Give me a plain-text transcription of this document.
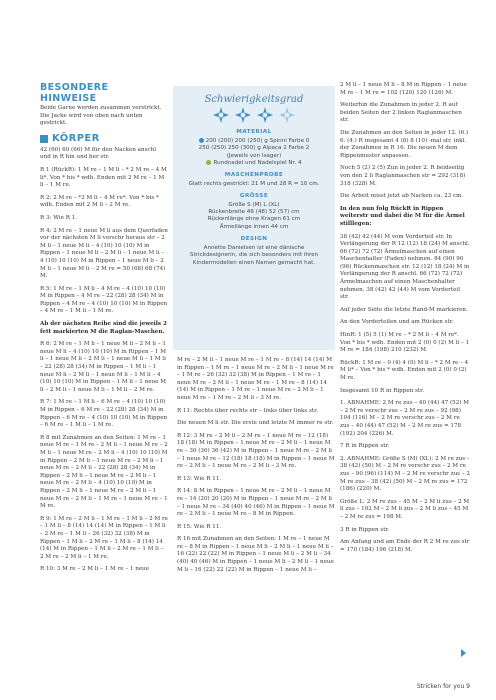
BESONDERE HINWEISE

Beide Garne werden zusammen verstrickt. Die Jacke wird von oben nach unten gestrickt.

KÖRPER

42 (60) 60 (66) M für den Nacken anschl und in R hin und her str.

R 1 (RückR): 1 M re – 1 M li – * 2 M re – 4 M li*. Von * bis * wdh. Enden mit 2 M re – 1 M li – 1 M re.

R 2: 2 M re – *2 M li – 4 M re*. Von * bis * wdh. Enden mit 2 M li – 2 M re.

R 3: Wie R 1.

R 4: 2 M re – 1 neue M li aus dem Querfaden vor der nächsten M li verschr heraus str – 2 M li – 1 neue M li – 4 (10) 10 (10) M in Rippen – 1 neue M li – 2 M li – 1 neue M li – 4 (10) 10 (10) M in Rippen – 1 neue M li – 2 M li – 1 neue M li – 2 M re = 50 (68) 68 (74) M.

R 5: 1 M re – 1 M li – 4 M re – 4 (10) 10 (10) M in Rippen – 4 M re – 22 (28) 28 (34) M in Rippen – 4 M re – 4 (10) 10 (10) M in Rippen – 4 M re – 1 M li – 1 M re.

Ab der nächsten Reihe sind die jeweils 2 fett markierten M die Raglan-Maschen.

R 6: 2 M re – 1 M li – 1 neue M li – 2 M li – 1 neue M li – 4 (10) 10 (10) M in Rippen – 1 M li – 1 neue M li – 2 M li – 1 neue M li – 1 M li – 22 (28) 28 (34) M in Rippen – 1 M li – 1 neue M li – 2 M li – 1 neue M li – 1 M li – 4 (10) 10 (10) M in Rippen – 1 M li – 1 neue M li – 2 M li – 1 neue M li – 1 M li – 2 M re.

R 7: 1 M re – 1 M li – 6 M re – 4 (10) 10 (10) M in Rippen – 6 M re – 22 (28) 28 (34) M in Rippen – 6 M re – 4 (10) 10 (10) M in Rippen – 6 M re – 1 M li – 1 M re.

R 8 mit Zunahmen an den Seiten: 1 M re – 1 neue M re – 1 M re – 2 M li – 1 neue M re – 2 M li – 1 neue M re – 2 M li – 4 (10) 10 (10) M in Rippen – 2 M li – 1 neue M re – 2 M li – 1 neue M re – 2 M li – 22 (28) 28 (34) M in Rippen – 2 M li – 1 neue M re – 2 M li – 1 neue M re – 2 M li – 4 (10) 10 (10) M in Rippen – 2 M li – 1 neue M re – 2 M li – 1 neue M re – 2 M li – 1 M re – 1 neue M re – 1 M re.

R 9: 1 M re – 2 M li – 1 M re – 1 M li – 2 M re – 1 M li – 8 (14) 14 (14) M in Rippen – 1 M li – 2 M re – 1 M li – 26 (32) 32 (38) M in Rippen – 1 M li – 2 M re – 1 M li – 8 (14) 14 (14) M in Rippen – 1 M li – 2 M re – 1 M li – 2 M re – 2 M li – 1 M re.

R 10: 3 M re – 2 M li – 1 M re – 1 neue

Schwierigkeitsgrad
MATERIAL
200 (200) 200 (250) g Spinni Farbe 0
250 (250) 250 (300) g Alpaca 2 Farbe 2
(Jeweils von Isager)
Rundnadel und Nadelspiel Nr. 4
MASCHENPROBE
Glatt rechts gestrickt: 21 M und 28 R = 10 cm.
GRÖSSE
Größe S (M) L (XL)
Rückenbreite 46 (48) 52 (57) cm
Rückenlänge ohne Kragen 61 cm
Ärmellänge innen 44 cm
DESIGN
Annette Danielsen ist eine dänische Strickdesignerin, die sich besonders mit ihren Kindermodellen einen Namen gemacht hat.

M re – 2 M li – 1 neue M re – 1 M re – 8 (14) 14 (14) M in Rippen – 1 M re – 1 neue M re – 2 M li – 1 neue M re – 1 M re – 26 (32) 32 (38) M in Rippen – 1 M re – 1 neue M re – 2 M li – 1 neue M re – 1 M re – 8 (14) 14 (14) M in Rippen – 1 M re – 1 neue M re – 2 M li – 1 neue M re – 1 M re – 2 M li – 3 M re.

R 11: Rechts über rechts str – links über links str.

Die neuen M li str. Die erste und letzte M immer re str.

R 12: 3 M re – 2 M li – 2 M re – 1 neue M re – 12 (18) 18 (18) M in Rippen – 1 neue M re – 2 M li – 1 neue M re – 30 (36) 36 (42) M in Rippen – 1 neue M re – 2 M li – 1 neue M re – 12 (18) 18 (18) M in Rippen – 1 neue M re – 2 M li – 1 neue M re – 2 M li – 3 M re.

R 13: Wie R 11.

R 14: 8 M in Rippen – 1 neue M re – 2 M li – 1 neue M re – 14 (20) 20 (20) M in Rippen – 1 neue M re – 2 M li – 1 neue M re – 34 (40) 40 (46) M in Rippen – 1 neue M re – 2 M li – 1 neue M re – 8 M in Rippen.

R 15: Wie R 11.

R 16 mit Zunahmen an den Seiten: 1 M re – 1 neue M re – 8 M in Rippen – 1 neue M li – 2 M li – 1 neue M li – 16 (22) 22 (22) M in Rippen – 1 neue M li – 2 M li – 34 (40) 40 (46) M in Rippen – 1 neue M li – 2 M li – 1 neue M li – 16 (22) 22 (22) M in Rippen – 1 neue M li –

2 M li – 1 neue M li – 8 M in Rippen – 1 neue M re – 1 M re = 102 (120) 120 (126) M.

Weiterhin die Zunahmen in jeder 2. R auf beiden Seiten der 2 linken Raglanmaschen str.

Die Zunahmen an den Seiten in jeder 12. (6.) 6. (4.) R insgesamt 4 (8) 8 (10) -mal str, inkl. der Zunahmen in R 16. Die neuen M dem Rippenmuster anpassen.

Noch 5 (2) 2 (5) Zun in jeder 2. R beidseitig von den 2 li Raglanmaschen str = 292 (318) 318 (328) M.

Die Arbeit misst jetzt ab Nacken ca. 23 cm.

In den nun folg RückR in Rippen weiterstr und dabei die M für die Ärmel stilllegen:

38 (42) 42 (44) M vom Vorderteil str. In Verlängerung der R 12 (12) 18 (24) M anschl. 66 (72) 72 (72) Ärmelmaschen auf einen Maschenhalter (Faden) nehmen. 84 (90) 90 (96) Rückenmaschen str. 12 (12) 18 (24) M in Verlängerung der R anschl. 66 (72) 72 (72) Ärmelmaschen auf einen Maschenhalter nehmen. 38 (42) 42 (44) M vom Vorderteil str.

Auf jeder Seite die letzte Rand-M markieren.

An den Vorderteilen und am Rücken str.

HinR: 1 (5) 5 (1) M re – * 2 M li – 4 M re*. Von * bis * wdh. Enden mit 2 (0) 0 (2) M li – 1 M re = 184 (198) 210 (232) M.

RückR: 1 M re – 0 (4) 4 (0) M li – * 2 M re – 4 M li* – Von * bis * wdh. Enden mit 2 (0) 0 (2) M re.

Insgesamt 10 R in Rippen str.

1. ABNAHME: 2 M re zus – 40 (44) 47 (52) M – 2 M re verschr zus – 2 M re zus – 92 (98) 104 (116) M – 2 M re verschr zus – 2 M re zus – 40 (44) 47 (52) M – 2 M re zus = 178 (192) 204 (226) M.

7 R in Rippen str.

2. ABNAHME: Größe S (M) (XL): 2 M re zus – 38 (42) (50) M – 2 M re verschr zus – 2 M re zus – 90 (96) (114) M – 2 M re verschr zus – 2 M re zus – 38 (42) (50) M – 2 M re zus = 172 (186) (220) M.

Größe L: 2 M re zus – 45 M – 2 M li zus – 2 M li zus – 102 M – 2 M li zus – 2 M li zus – 45 M – 2 M re zus = 198 M.

3 R in Rippen str.

Am Anfang und am Ende der R 2 M re zus str = 170 (184) 196 (218) M.

Stricken for you 9
